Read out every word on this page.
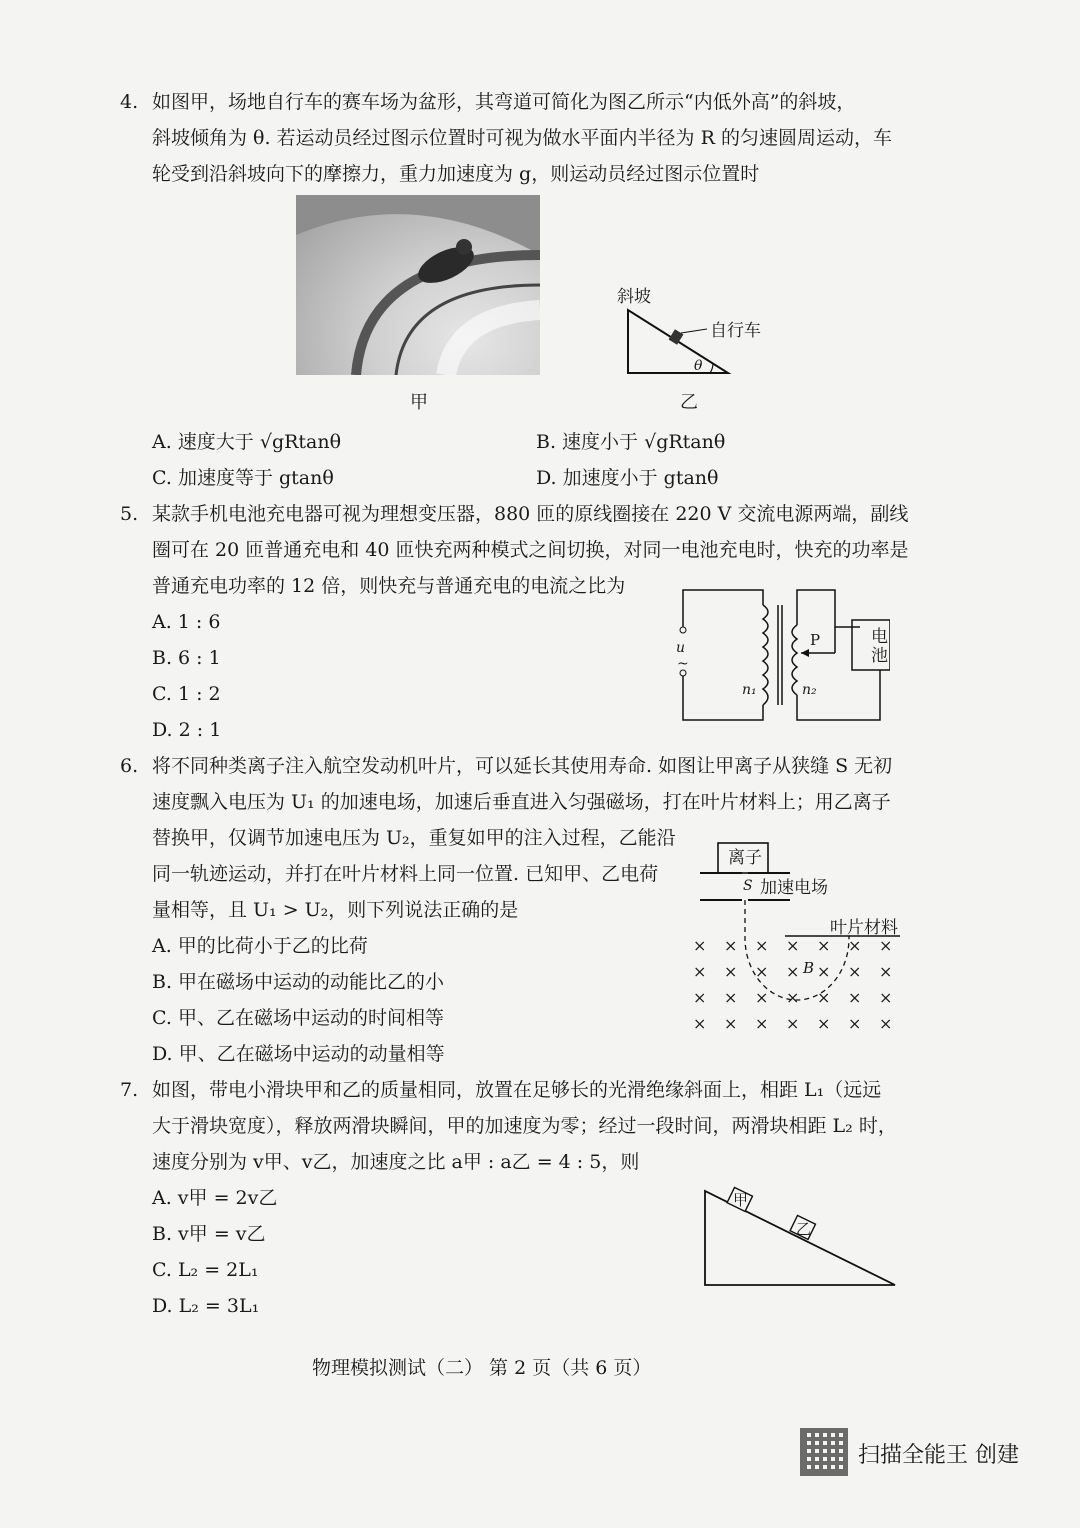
4. 如图甲，场地自行车的赛车场为盆形，其弯道可简化为图乙所示“内低外高”的斜坡，
斜坡倾角为 θ. 若运动员经过图示位置时可视为做水平面内半径为 R 的匀速圆周运动，车
轮受到沿斜坡向下的摩擦力，重力加速度为 g，则运动员经过图示位置时
甲
斜坡
自行车
θ
乙
A. 速度大于 √gRtanθ	B. 速度小于 √gRtanθ
C. 加速度等于 gtanθ	D. 加速度小于 gtanθ
5. 某款手机电池充电器可视为理想变压器，880 匝的原线圈接在 220 V 交流电源两端，副线
圈可在 20 匝普通充电和 40 匝快充两种模式之间切换，对同一电池充电时，快充的功率是
普通充电功率的 12 倍，则快充与普通充电的电流之比为
A. 1 : 6
B. 6 : 1
C. 1 : 2
D. 2 : 1
u
~
n₁	n₂
P	电
池
6. 将不同种类离子注入航空发动机叶片，可以延长其使用寿命. 如图让甲离子从狭缝 S 无初
速度飘入电压为 U₁ 的加速电场，加速后垂直进入匀强磁场，打在叶片材料上；用乙离子
替换甲，仅调节加速电压为 U₂，重复如甲的注入过程，乙能沿
同一轨迹运动，并打在叶片材料上同一位置. 已知甲、乙电荷
量相等，且 U₁ > U₂，则下列说法正确的是
A. 甲的比荷小于乙的比荷
B. 甲在磁场中运动的动能比乙的小
C. 甲、乙在磁场中运动的时间相等
D. 甲、乙在磁场中运动的动量相等
离子
S 加速电场
叶片材料
B
× × × × × × ×
× × × × × × ×
× × × × × × ×
× × × × × × ×
7. 如图，带电小滑块甲和乙的质量相同，放置在足够长的光滑绝缘斜面上，相距 L₁（远远
大于滑块宽度），释放两滑块瞬间，甲的加速度为零；经过一段时间，两滑块相距 L₂ 时，
速度分别为 v甲、v乙，加速度之比 a甲 : a乙 = 4 : 5，则
A. v甲 = 2v乙
B. v甲 = v乙
C. L₂ = 2L₁
D. L₂ = 3L₁
甲
乙
物理模拟测试（二） 第 2 页（共 6 页）
扫描全能王 创建
